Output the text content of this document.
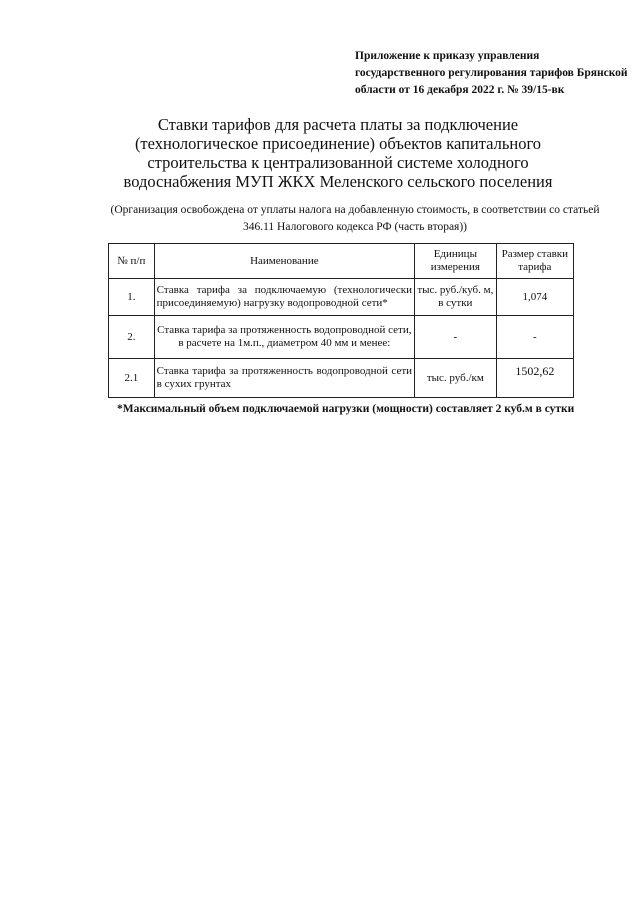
Приложение к приказу управления
государственного регулирования тарифов Брянской
области от 16 декабря 2022 г. № 39/15-вк
Ставки тарифов для расчета платы за подключение (технологическое присоединение) объектов капитального строительства к централизованной системе холодного водоснабжения МУП ЖКХ Меленского сельского поселения
(Организация освобождена от уплаты налога на добавленную стоимость, в соответствии со статьей 346.11 Налогового кодекса РФ (часть вторая))
№ п/п	Наименование	Единицы измерения	Размер ставки тарифа
1.	Ставка тарифа за подключаемую (технологически присоединяемую) нагрузку водопроводной сети*	тыс. руб./куб. м, в сутки	1,074
2.	Ставка тарифа за протяженность водопроводной сети, в расчете на 1м.п., диаметром 40 мм и менее:	-	-
2.1	Ставка тарифа за протяженность водопроводной сети в сухих грунтах	тыс. руб./км	1502,62
*Максимальный объем подключаемой нагрузки (мощности) составляет 2 куб.м в сутки
